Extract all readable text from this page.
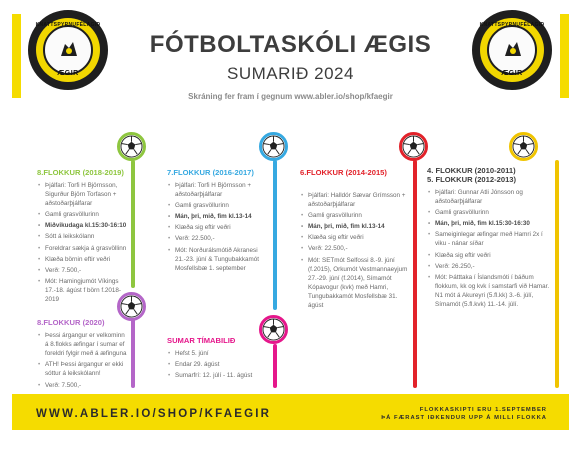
KNATTSPYRNUFÉLAGIÐ
ÆGIR
KNATTSPYRNUFÉLAGIÐ
ÆGIR
FÓTBOLTASKÓLI ÆGIS
SUMARIÐ 2024
Skráning fer fram í gegnum www.abler.io/shop/kfaegir
8.FLOKKUR (2018-2019)
• Þjálfari: Torfi H Björnsson, Sigurður Björn Torfason + aðstoðarþjálfarar
• Gamli grasvöllurinn
• Miðvikudaga kl.15:30-16:10
• Sótt á leikskólann
• Foreldrar sækja á grasvöllinn
• Klæða börnin eftir veðri
• Verð: 7.500,-
• Mót: Hamingjumót Víkings 17.-18. ágúst f börn f.2018-2019
8.FLOKKUR (2020)
• Þessi árgangur er velkominn á 8.flokks æfingar í sumar ef foreldri fylgir með á æfinguna
• ATH! Þessi árgangur er ekki sóttur á leikskólann!
• Verð: 7.500,-
7.FLOKKUR (2016-2017)
• Þjálfari: Torfi H Björnsson + aðstoðarþjálfarar
• Gamli grasvöllurinn
• Mán, þri, mið, fim kl.13-14
• Klæða sig eftir veðri
• Verð: 22.500,-
• Mót: Norðurálsmótið Akranesi 21.-23. júní & Tungubakkamót Mosfellsbæ 1. september
SUMAR TÍMABILIÐ
• Hefst 5. júní
• Endar 29. ágúst
• Sumarfrí: 12. júlí - 11. ágúst
6.FLOKKUR (2014-2015)
• Þjálfari: Halldór Sævar Grímsson + aðstoðarþjálfarar
• Gamli grasvöllurinn
• Mán, þri, mið, fim kl.13-14
• Klæða sig eftir veðri
• Verð: 22.500,-
• Mót: SETmót Selfossi 8.-9. júní (f.2015), Orkumót Vestmannaeyjum 27.-29. júní (f.2014), Símamót Kópavogur (kvk) með Hamri, Tungubakkamót Mosfellsbæ 31. ágúst
4. FLOKKUR (2010-2011)
5. FLOKKUR (2012-2013)
• Þjálfari: Gunnar Atli Jónsson og aðstoðarþjálfarar
• Gamli grasvöllurinn
• Mán, þri, mið, fim kl.15:30-16:30
• Sameiginlegar æfingar með Hamri 2x í viku - nánar síðar
• Klæða sig eftir veðri
• Verð: 26.250,-
• Mót: Þátttaka í Íslandsmóti í báðum flokkum, kk og kvk í samstarfi við Hamar. N1 mót á Akureyri (5.fl.kk) 3.-6. júlí, Símamót (5.fl.kvk) 11.-14. júlí.
WWW.ABLER.IO/SHOP/KFAEGIR	FLOKKASKIPTI ERU 1.SEPTEMBER
ÞÁ FÆRAST IÐKENDUR UPP Á MILLI FLOKKA
